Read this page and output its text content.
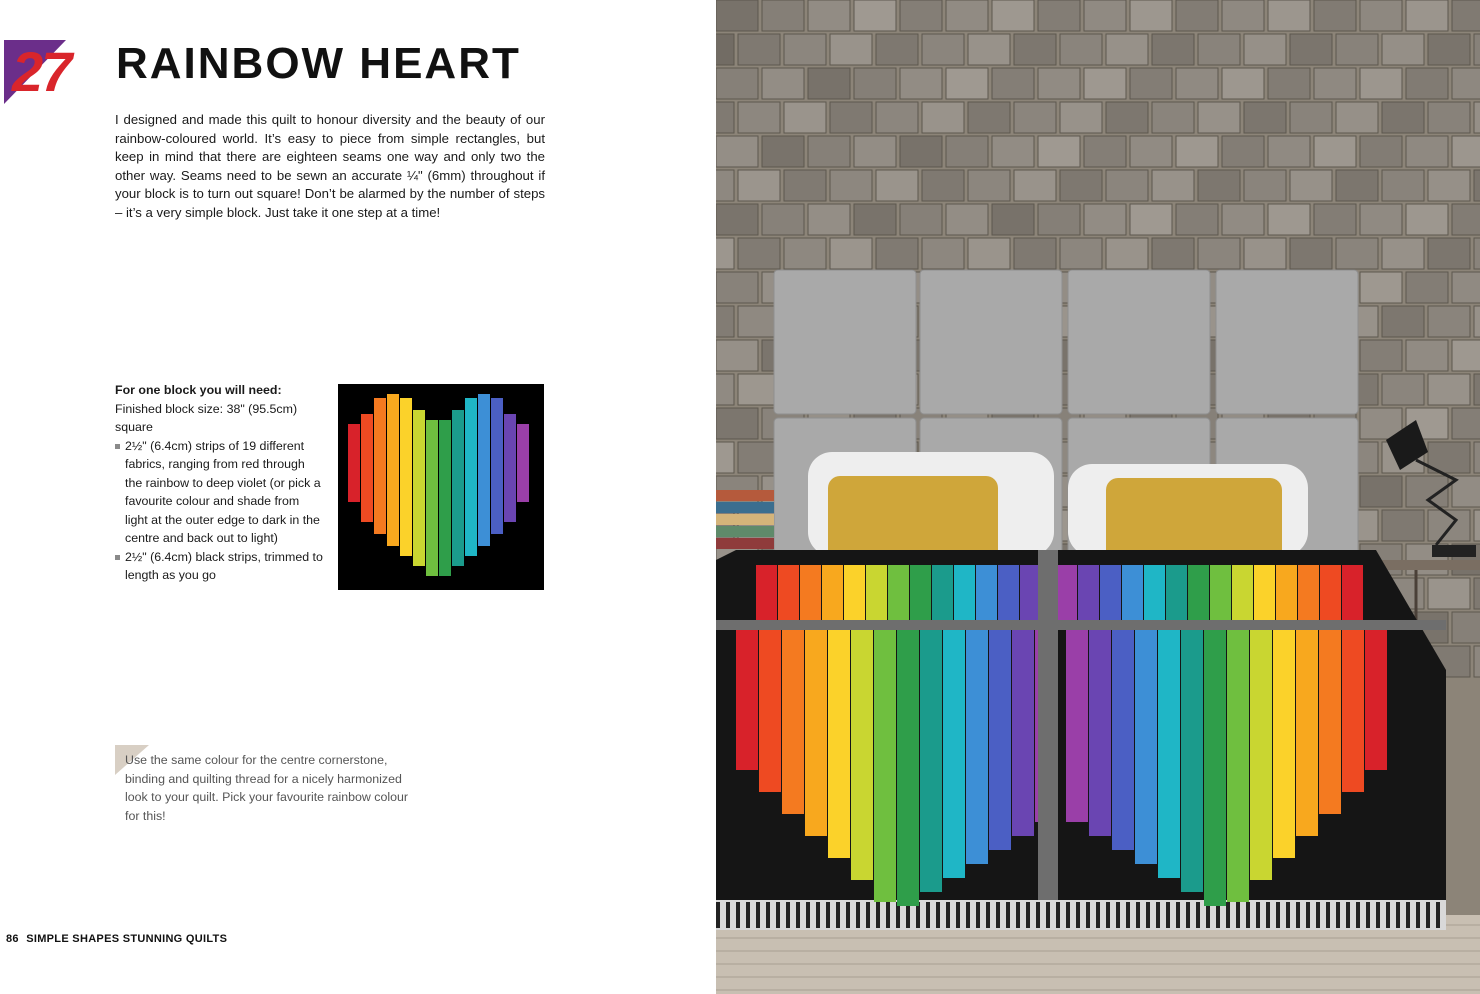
27 RAINBOW HEART

I designed and made this quilt to honour diversity and the beauty of our rainbow-coloured world. It’s easy to piece from simple rectangles, but keep in mind that there are eighteen seams one way and only two the other way. Seams need to be sewn an accurate ¼" (6mm) throughout if your block is to turn out square! Don’t be alarmed by the number of steps – it’s a very simple block. Just take it one step at a time!

For one block you will need:
Finished block size: 38" (95.5cm) square
2½" (6.4cm) strips of 19 different fabrics, ranging from red through the rainbow to deep violet (or pick a favourite colour and shade from light at the outer edge to dark in the centre and back out to light)
2½" (6.4cm) black strips, trimmed to length as you go

Use the same colour for the centre cornerstone, binding and quilting thread for a nicely harmonized look to your quilt. Pick your favourite rainbow colour for this!

86 SIMPLE SHAPES STUNNING QUILTS
